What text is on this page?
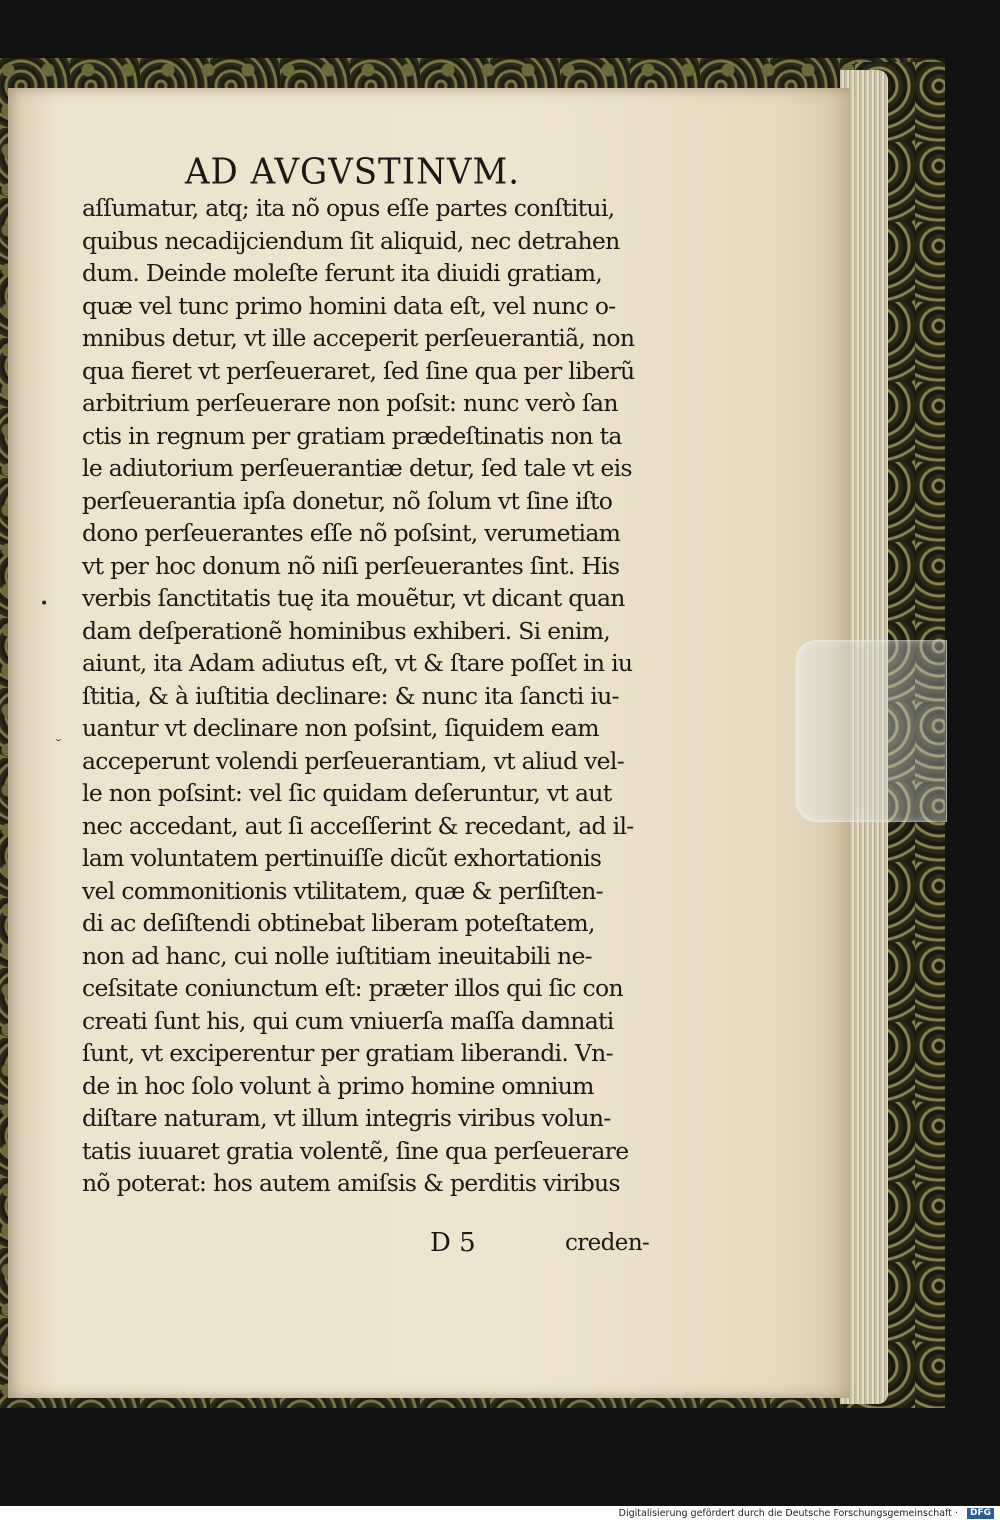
AD AVGVSTINVM.
aſſumatur, atq; ita nõ opus eſſe partes conſtitui,
quibus necadijciendum ſit aliquid, nec detrahen
dum. Deinde moleſte ferunt ita diuidi gratiam,
quæ vel tunc primo homini data eſt, vel nunc o-
mnibus detur, vt ille acceperit perſeuerantiã, non
qua fieret vt perſeueraret, ſed ſine qua per liberũ
arbitrium perſeuerare non poſsit: nunc verò ſan
ctis in regnum per gratiam prædeſtinatis non ta
le adiutorium perſeuerantiæ detur, ſed tale vt eis
perſeuerantia ipſa donetur, nõ ſolum vt ſine iſto
dono perſeuerantes eſſe nõ poſsint, verumetiam
vt per hoc donum nõ niſi perſeuerantes ſint. His
verbis ſanctitatis tuę ita mouẽtur, vt dicant quan
dam deſperationẽ hominibus exhiberi. Si enim,
aiunt, ita Adam adiutus eſt, vt & ſtare poſſet in iu
ſtitia, & à iuſtitia declinare: & nunc ita ſancti iu-
uantur vt declinare non poſsint, ſiquidem eam
acceperunt volendi perſeuerantiam, vt aliud vel-
le non poſsint: vel ſic quidam deſeruntur, vt aut
nec accedant, aut ſi acceſſerint & recedant, ad il-
lam voluntatem pertinuiſſe dicũt exhortationis
vel commonitionis vtilitatem, quæ & perſiſten-
di ac deſiſtendi obtinebat liberam poteſtatem,
non ad hanc, cui nolle iuſtitiam ineuitabili ne-
ceſsitate coniunctum eſt: præter illos qui ſic con
creati ſunt his, qui cum vniuerſa maſſa damnati
ſunt, vt exciperentur per gratiam liberandi. Vn-
de in hoc ſolo volunt à primo homine omnium
diſtare naturam, vt illum integris viribus volun-
tatis iuuaret gratia volentẽ, ſine qua perſeuerare
nõ poterat: hos autem amiſsis & perditis viribus
•
˘
D 5	creden-
Digitalisierung gefördert durch die Deutsche Forschungsgemeinschaft ·	DFG
